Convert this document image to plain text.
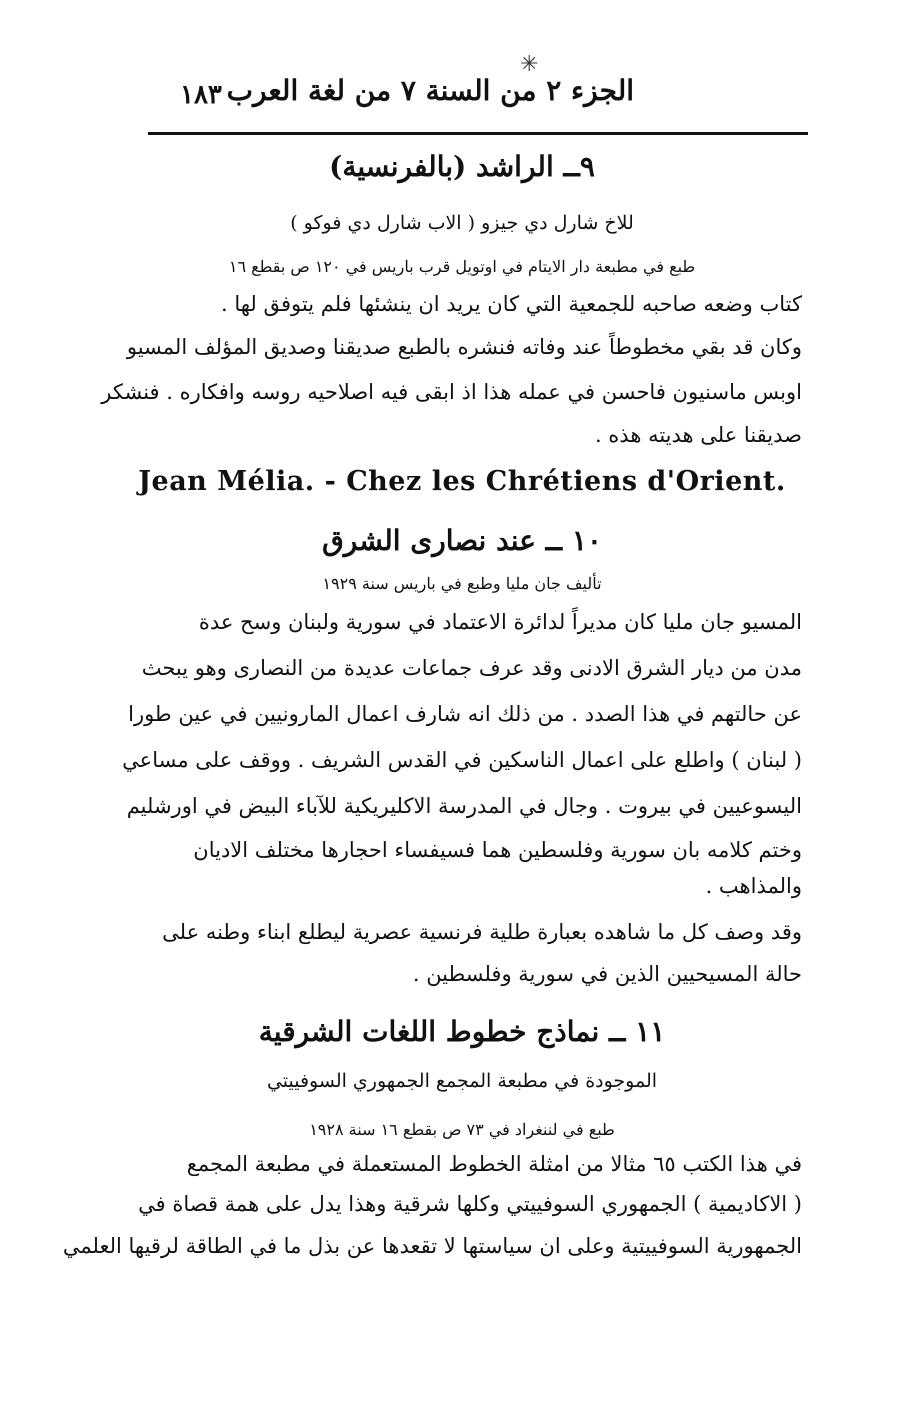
✳
الجزء ٢ من السنة ٧ من لغة العرب
١٨٣
٩ــ الراشد (بالفرنسية)
للاخ شارل دي جيزو ( الاب شارل دي فوكو )
طبع في مطبعة دار الايتام في اوتويل قرب باريس في ١٢٠ ص بقطع ١٦
كتاب وضعه صاحبه للجمعية التي كان يريد ان ينشئها فلم يتوفق لها .
وكان قد بقي مخطوطاً عند وفاته فنشره بالطبع صديقنا وصديق المؤلف المسيو
اوبس ماسنيون فاحسن في عمله هذا اذ ابقى فيه اصلاحيه روسه وافكاره . فنشكر
صديقنا على هديته هذه .
Jean Mélia. - Chez les Chrétiens d'Orient.
١٠ ــ عند نصارى الشرق
تأليف جان مليا وطبع في باريس سنة ١٩٢٩
المسيو جان مليا كان مديراً لدائرة الاعتماد في سورية ولبنان وسح عدة
مدن من ديار الشرق الادنى وقد عرف جماعات عديدة من النصارى وهو يبحث
عن حالتهم في هذا الصدد . من ذلك انه شارف اعمال المارونيين في عين طورا
( لبنان ) واطلع على اعمال الناسكين في القدس الشريف . ووقف على مساعي
اليسوعيين في بيروت . وجال في المدرسة الاكليريكية للآباء البيض في اورشليم
وختم كلامه بان سورية وفلسطين هما فسيفساء احجارها مختلف الاديان
والمذاهب .
وقد وصف كل ما شاهده بعبارة طلية فرنسية عصرية ليطلع ابناء وطنه على
حالة المسيحيين الذين في سورية وفلسطين .
١١ ــ نماذج خطوط اللغات الشرقية
الموجودة في مطبعة المجمع الجمهوري السوفييتي
طبع في لننغراد في ٧٣ ص بقطع ١٦ سنة ١٩٢٨
في هذا الكتب ٦٥ مثالا من امثلة الخطوط المستعملة في مطبعة المجمع
( الاكاديمية ) الجمهوري السوفييتي وكلها شرقية وهذا يدل على همة قصاة في
الجمهورية السوفييتية وعلى ان سياستها لا تقعدها عن بذل ما في الطاقة لرقيها العلمي
